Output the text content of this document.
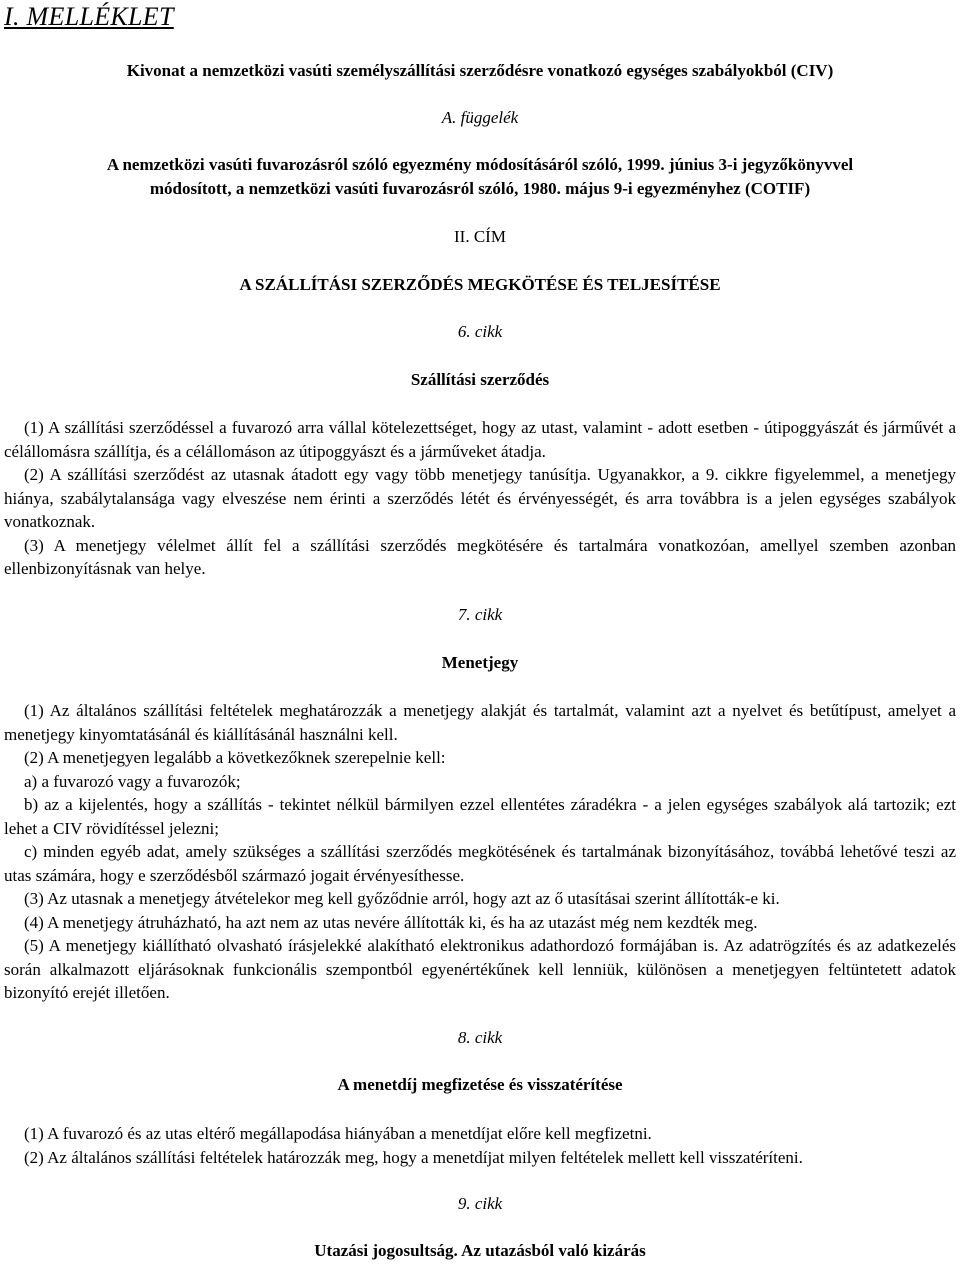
I. MELLÉKLET
Kivonat a nemzetközi vasúti személyszállítási szerződésre vonatkozó egységes szabályokból (CIV)
A. függelék
A nemzetközi vasúti fuvarozásról szóló egyezmény módosításáról szóló, 1999. június 3-i jegyzőkönyvvel
módosított, a nemzetközi vasúti fuvarozásról szóló, 1980. május 9-i egyezményhez (COTIF)
II. CÍM
A SZÁLLÍTÁSI SZERZŐDÉS MEGKÖTÉSE ÉS TELJESÍTÉSE
6. cikk
Szállítási szerződés

(1) A szállítási szerződéssel a fuvarozó arra vállal kötelezettséget, hogy az utast, valamint - adott esetben - útipoggyászát és járművét a célállomásra szállítja, és a célállomáson az útipoggyászt és a járműveket átadja.

(2) A szállítási szerződést az utasnak átadott egy vagy több menetjegy tanúsítja. Ugyanakkor, a 9. cikkre figyelemmel, a menetjegy hiánya, szabálytalansága vagy elveszése nem érinti a szerződés létét és érvényességét, és arra továbbra is a jelen egységes szabályok vonatkoznak.

(3) A menetjegy vélelmet állít fel a szállítási szerződés megkötésére és tartalmára vonatkozóan, amellyel szemben azonban ellenbizonyításnak van helye.

7. cikk
Menetjegy

(1) Az általános szállítási feltételek meghatározzák a menetjegy alakját és tartalmát, valamint azt a nyelvet és betűtípust, amelyet a menetjegy kinyomtatásánál és kiállításánál használni kell.

(2) A menetjegyen legalább a következőknek szerepelnie kell:

a) a fuvarozó vagy a fuvarozók;

b) az a kijelentés, hogy a szállítás - tekintet nélkül bármilyen ezzel ellentétes záradékra - a jelen egységes szabályok alá tartozik; ezt lehet a CIV rövidítéssel jelezni;

c) minden egyéb adat, amely szükséges a szállítási szerződés megkötésének és tartalmának bizonyításához, továbbá lehetővé teszi az utas számára, hogy e szerződésből származó jogait érvényesíthesse.

(3) Az utasnak a menetjegy átvételekor meg kell győződnie arról, hogy azt az ő utasításai szerint állították-e ki.

(4) A menetjegy átruházható, ha azt nem az utas nevére állították ki, és ha az utazást még nem kezdték meg.

(5) A menetjegy kiállítható olvasható írásjelekké alakítható elektronikus adathordozó formájában is. Az adatrögzítés és az adatkezelés során alkalmazott eljárásoknak funkcionális szempontból egyenértékűnek kell lenniük, különösen a menetjegyen feltüntetett adatok bizonyító erejét illetően.

8. cikk
A menetdíj megfizetése és visszatérítése

(1) A fuvarozó és az utas eltérő megállapodása hiányában a menetdíjat előre kell megfizetni.

(2) Az általános szállítási feltételek határozzák meg, hogy a menetdíjat milyen feltételek mellett kell visszatéríteni.

9. cikk
Utazási jogosultság. Az utazásból való kizárás
